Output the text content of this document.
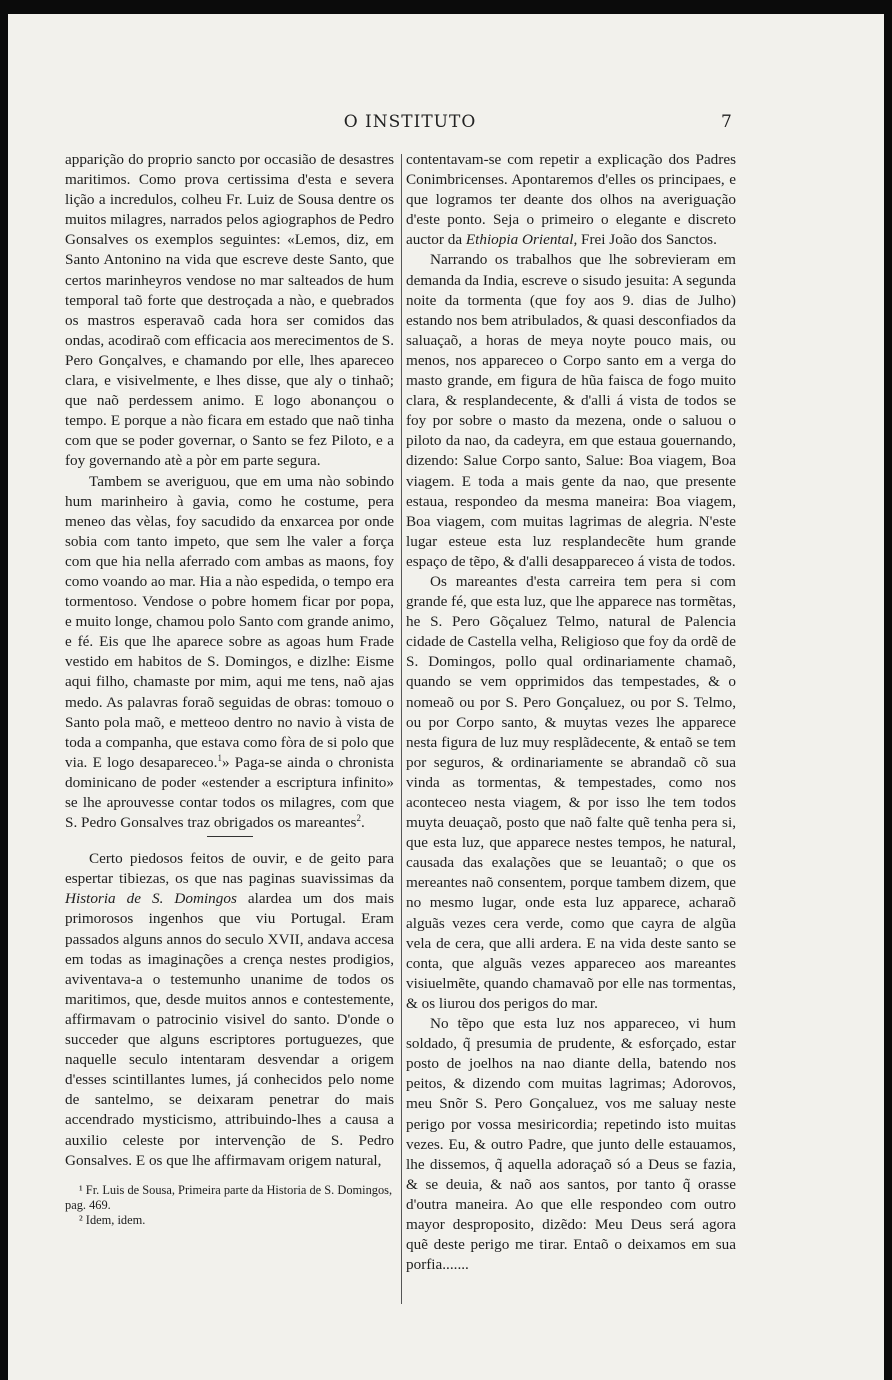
O INSTITUTO	7

apparição do proprio sancto por occasião de desastres maritimos. Como prova certissima d'esta e severa lição a incredulos, colheu Fr. Luiz de Sousa dentre os muitos milagres, narrados pelos agiographos de Pedro Gonsalves os exemplos seguintes: «Lemos, diz, em Santo Antonino na vida que escreve deste Santo, que certos marinheyros vendose no mar salteados de hum temporal taõ forte que destroçada a nào, e quebrados os mastros esperavaõ cada hora ser comidos das ondas, acodiraõ com efficacia aos merecimentos de S. Pero Gonçalves, e chamando por elle, lhes apareceo clara, e visivelmente, e lhes disse, que aly o tinhaõ; que naõ perdessem animo. E logo abonançou o tempo. E porque a nào ficara em estado que naõ tinha com que se poder governar, o Santo se fez Piloto, e a foy governando atè a pòr em parte segura.

Tambem se averiguou, que em uma nào sobindo hum marinheiro à gavia, como he costume, pera meneo das vèlas, foy sacudido da enxarcea por onde sobia com tanto impeto, que sem lhe valer a força com que hia nella aferrado com ambas as maons, foy como voando ao mar. Hia a nào espedida, o tempo era tormentoso. Vendose o pobre homem ficar por popa, e muito longe, chamou polo Santo com grande animo, e fé. Eis que lhe aparece sobre as agoas hum Frade vestido em habitos de S. Domingos, e dizlhe: Eisme aqui filho, chamaste por mim, aqui me tens, naõ ajas medo. As palavras foraõ seguidas de obras: tomouo o Santo pola maõ, e metteoo dentro no navio à vista de toda a companha, que estava como fòra de si polo que via. E logo desapareceo.$^1$» Paga-se ainda o chronista dominicano de poder «estender a escriptura infinito» se lhe aprouvesse contar todos os milagres, com que S. Pedro Gonsalves traz obrigados os mareantes$^2$.

Certo piedosos feitos de ouvir, e de geito para espertar tibiezas, os que nas paginas suavissimas da Historia de S. Domingos alardea um dos mais primorosos ingenhos que viu Portugal. Eram passados alguns annos do seculo XVII, andava accesa em todas as imaginações a crença nestes prodigios, aviventava-a o testemunho unanime de todos os maritimos, que, desde muitos annos e contestemente, affirmavam o patrocinio visivel do santo. D'onde o succeder que alguns escriptores portuguezes, que naquelle seculo intentaram desvendar a origem d'esses scintillantes lumes, já conhecidos pelo nome de santelmo, se deixaram penetrar do mais accendrado mysticismo, attribuindo-lhes a causa a auxilio celeste por intervenção de S. Pedro Gonsalves. E os que lhe affirmavam origem natural,

¹ Fr. Luis de Sousa, Primeira parte da Historia de S. Domingos, pag. 469.

² Idem, idem.

contentavam-se com repetir a explicação dos Padres Conimbricenses. Apontaremos d'elles os principaes, e que logramos ter deante dos olhos na averiguação d'este ponto. Seja o primeiro o elegante e discreto auctor da Ethiopia Oriental, Frei João dos Sanctos.

Narrando os trabalhos que lhe sobrevieram em demanda da India, escreve o sisudo jesuita: A segunda noite da tormenta (que foy aos 9. dias de Julho) estando nos bem atribulados, & quasi desconfiados da saluaçaõ, a horas de meya noyte pouco mais, ou menos, nos appareceo o Corpo santo em a verga do masto grande, em figura de hũa faisca de fogo muito clara, & resplandecente, & d'alli á vista de todos se foy por sobre o masto da mezena, onde o saluou o piloto da nao, da cadeyra, em que estaua gouernando, dizendo: Salue Corpo santo, Salue: Boa viagem, Boa viagem. E toda a mais gente da nao, que presente estaua, respondeo da mesma maneira: Boa viagem, Boa viagem, com muitas lagrimas de alegria. N'este lugar esteue esta luz resplandecẽte hum grande espaço de tẽpo, & d'alli desappareceo á vista de todos.

Os mareantes d'esta carreira tem pera si com grande fé, que esta luz, que lhe apparece nas tormẽtas, he S. Pero Gõçaluez Telmo, natural de Palencia cidade de Castella velha, Religioso que foy da ordẽ de S. Domingos, pollo qual ordinariamente chamaõ, quando se vem opprimidos das tempestades, & o nomeaõ ou por S. Pero Gonçaluez, ou por S. Telmo, ou por Corpo santo, & muytas vezes lhe apparece nesta figura de luz muy resplãdecente, & entaõ se tem por seguros, & ordinariamente se abrandaõ cõ sua vinda as tormentas, & tempestades, como nos aconteceo nesta viagem, & por isso lhe tem todos muyta deuaçaõ, posto que naõ falte quẽ tenha pera si, que esta luz, que apparece nestes tempos, he natural, causada das exalações que se leuantaõ; o que os mereantes naõ consentem, porque tambem dizem, que no mesmo lugar, onde esta luz apparece, acharaõ alguãs vezes cera verde, como que cayra de algũa vela de cera, que alli ardera. E na vida deste santo se conta, que alguãs vezes appareceo aos mareantes visiuelmẽte, quando chamavaõ por elle nas tormentas, & os liurou dos perigos do mar.

No tẽpo que esta luz nos appareceo, vi hum soldado, q̃ presumia de prudente, & esforçado, estar posto de joelhos na nao diante della, batendo nos peitos, & dizendo com muitas lagrimas; Adorovos, meu Snõr S. Pero Gonçaluez, vos me saluay neste perigo por vossa mesiricordia; repetindo isto muitas vezes. Eu, & outro Padre, que junto delle estauamos, lhe dissemos, q̃ aquella adoraçaõ só a Deus se fazia, & se deuia, & naõ aos santos, por tanto q̃ orasse d'outra maneira. Ao que elle respondeo com outro mayor desproposito, dizẽdo: Meu Deus será agora quẽ deste perigo me tirar. Entaõ o deixamos em sua porfia.......
